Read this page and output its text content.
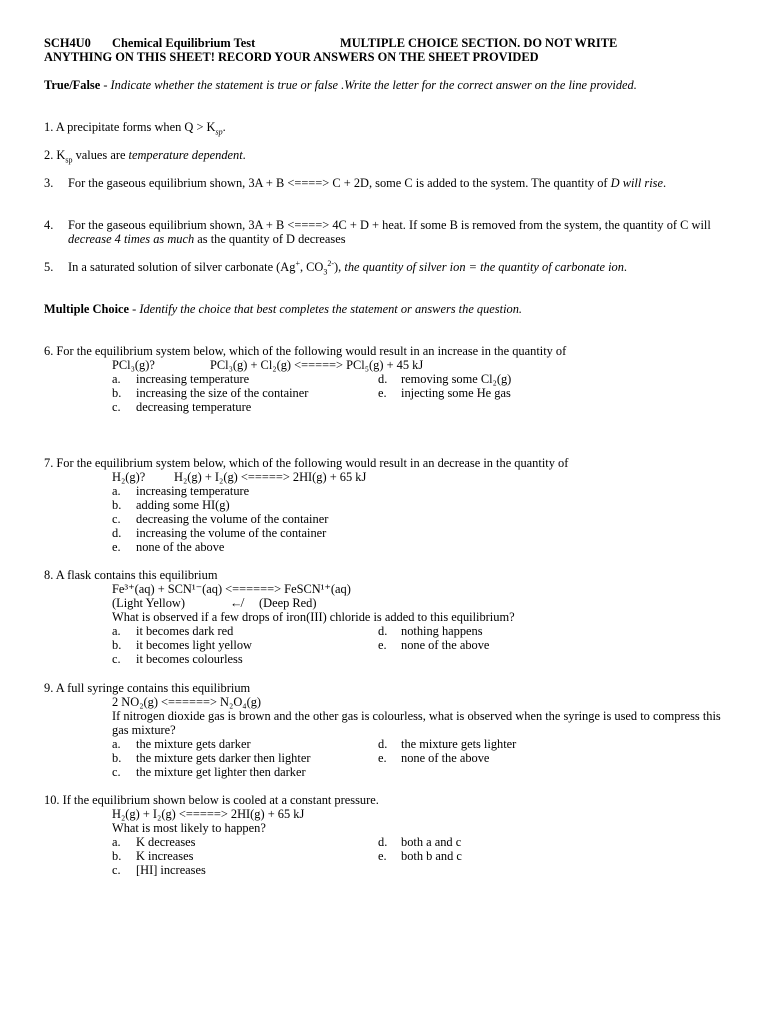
SCH4U0 Chemical Equilibrium Test	MULTIPLE CHOICE SECTION. DO NOT WRITE
ANYTHING ON THIS SHEET! RECORD YOUR ANSWERS ON THE SHEET PROVIDED
True/False - Indicate whether the statement is true or false .Write the letter for the correct answer on the line provided.
1. A precipitate forms when $Q > K_{sp}$.
2. $K_{sp}$ values are temperature dependent.
3. For the gaseous equilibrium shown, 3A + B <====> C + 2D, some C is added to the system. The quantity of D will rise.
4. For the gaseous equilibrium shown, 3A + B <====> 4C + D + heat. If some B is removed from the system, the quantity of C will decrease 4 times as much as the quantity of D decreases
5. In a saturated solution of silver carbonate (Ag+, $CO_3^{2-}$), the quantity of silver ion = the quantity of carbonate ion.
Multiple Choice - Identify the choice that best completes the statement or answers the question.
6. For the equilibrium system below, which of the following would result in an increase in the quantity of
PCl₃(g)?	PCl₃(g) + Cl₂(g) <=====> PCl₅(g) + 45 kJ
a. increasing temperature	d. removing some Cl₂(g)
b. increasing the size of the container	e. injecting some He gas
c. decreasing temperature
7. For the equilibrium system below, which of the following would result in an decrease in the quantity of
H₂(g)? H₂(g) + I₂(g) <=====> 2HI(g) + 65 kJ
a. increasing temperature
b. adding some HI(g)
c. decreasing the volume of the container
d. increasing the volume of the container
e. none of the above
8. A flask contains this equilibrium
Fe³⁺(aq) + SCN¹⁻(aq) <======> FeSCN¹⁺(aq)
(Light Yellow)	↚ (Deep Red)
What is observed if a few drops of iron(III) chloride is added to this equilibrium?
a. it becomes dark red	d. nothing happens
b. it becomes light yellow	e. none of the above
c. it becomes colourless
9. A full syringe contains this equilibrium
2 NO₂(g) <======> N₂O₄(g)
If nitrogen dioxide gas is brown and the other gas is colourless, what is observed when the syringe is used to compress this gas mixture?
a. the mixture gets darker	d. the mixture gets lighter
b. the mixture gets darker then lighter	e. none of the above
c. the mixture get lighter then darker
10. If the equilibrium shown below is cooled at a constant pressure.
H₂(g) + I₂(g) <=====> 2HI(g) + 65 kJ
What is most likely to happen?
a. K decreases	d. both a and c
b. K increases	e. both b and c
c. [HI] increases
